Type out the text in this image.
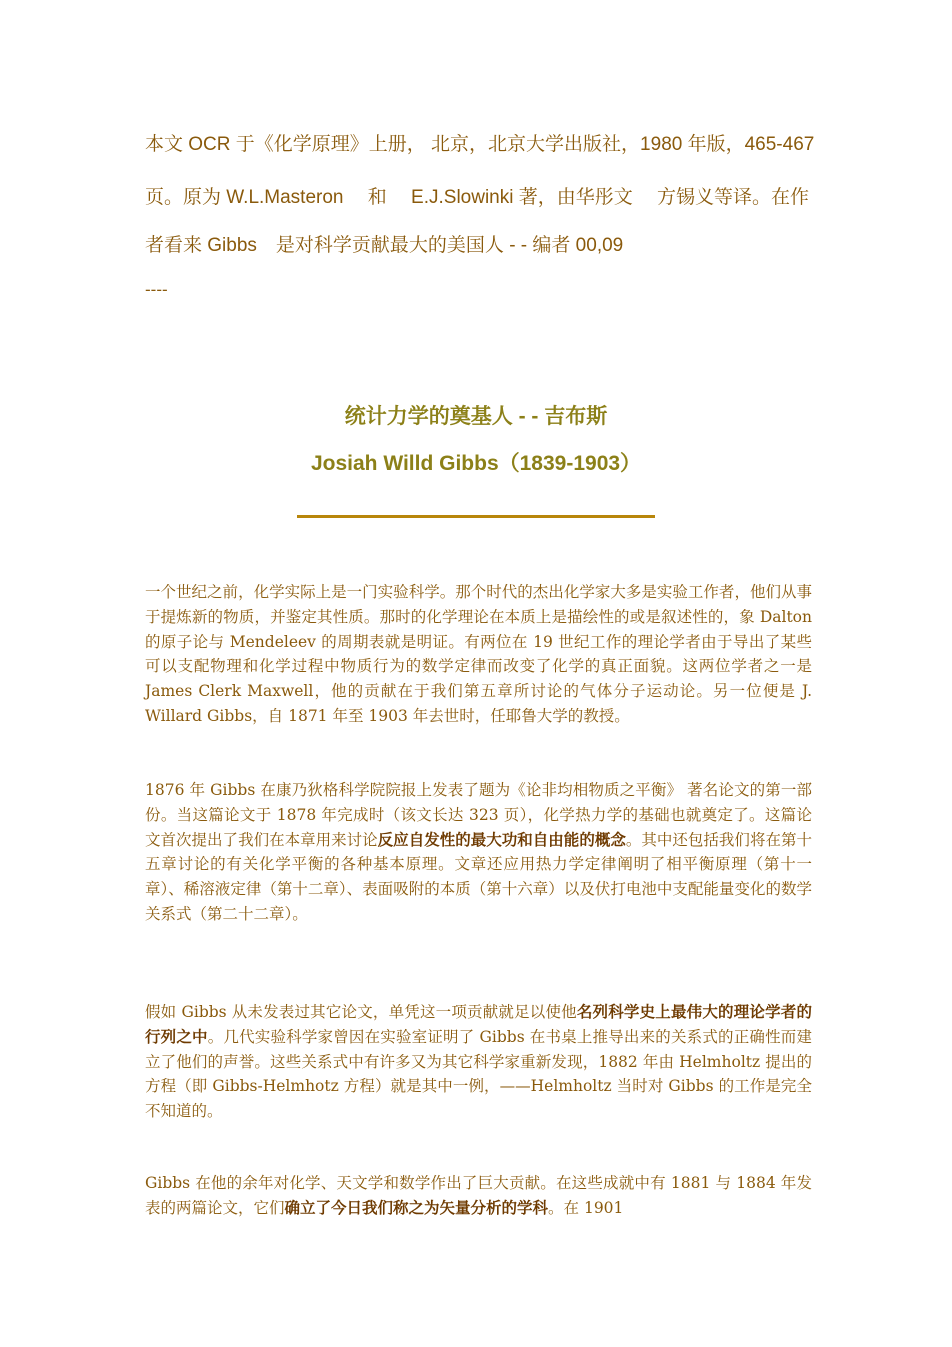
本文 OCR 于《化学原理》上册， 北京，北京大学出版社，1980 年版，465-467
页。原为 W.L.Masteron　 和　 E.J.Slowinki 著，由华彤文　 方锡义等译。在作
者看来 Gibbs　是对科学贡献最大的美国人 - - 编者 00,09
----
统计力学的奠基人 - - 吉布斯
Josiah Willd Gibbs（1839-1903）
一个世纪之前，化学实际上是一门实验科学。那个时代的杰出化学家大多是实验工作者，他们从事于提炼新的物质，并鉴定其性质。那时的化学理论在本质上是描绘性的或是叙述性的，象 Dalton 的原子论与 Mendeleev 的周期表就是明证。有两位在 19 世纪工作的理论学者由于导出了某些可以支配物理和化学过程中物质行为的数学定律而改变了化学的真正面貌。这两位学者之一是 James Clerk Maxwell，他的贡献在于我们第五章所讨论的气体分子运动论。另一位便是 J. Willard Gibbs，自 1871 年至 1903 年去世时，任耶鲁大学的教授。
1876 年 Gibbs 在康乃狄格科学院院报上发表了题为《论非均相物质之平衡》 著名论文的第一部份。当这篇论文于 1878 年完成时（该文长达 323 页），化学热力学的基础也就奠定了。这篇论文首次提出了我们在本章用来讨论反应自发性的最大功和自由能的概念。其中还包括我们将在第十五章讨论的有关化学平衡的各种基本原理。文章还应用热力学定律阐明了相平衡原理（第十一章）、稀溶液定律（第十二章）、表面吸附的本质（第十六章）以及伏打电池中支配能量变化的数学关系式（第二十二章）。
假如 Gibbs 从未发表过其它论文，单凭这一项贡献就足以使他名列科学史上最伟大的理论学者的行列之中。几代实验科学家曾因在实验室证明了 Gibbs 在书桌上推导出来的关系式的正确性而建立了他们的声誉。这些关系式中有许多又为其它科学家重新发现，1882 年由 Helmholtz 提出的方程（即 Gibbs-Helmhotz 方程）就是其中一例，——Helmholtz 当时对 Gibbs 的工作是完全不知道的。
Gibbs 在他的余年对化学、天文学和数学作出了巨大贡献。在这些成就中有 1881 与 1884 年发表的两篇论文，它们确立了今日我们称之为矢量分析的学科。在 1901
